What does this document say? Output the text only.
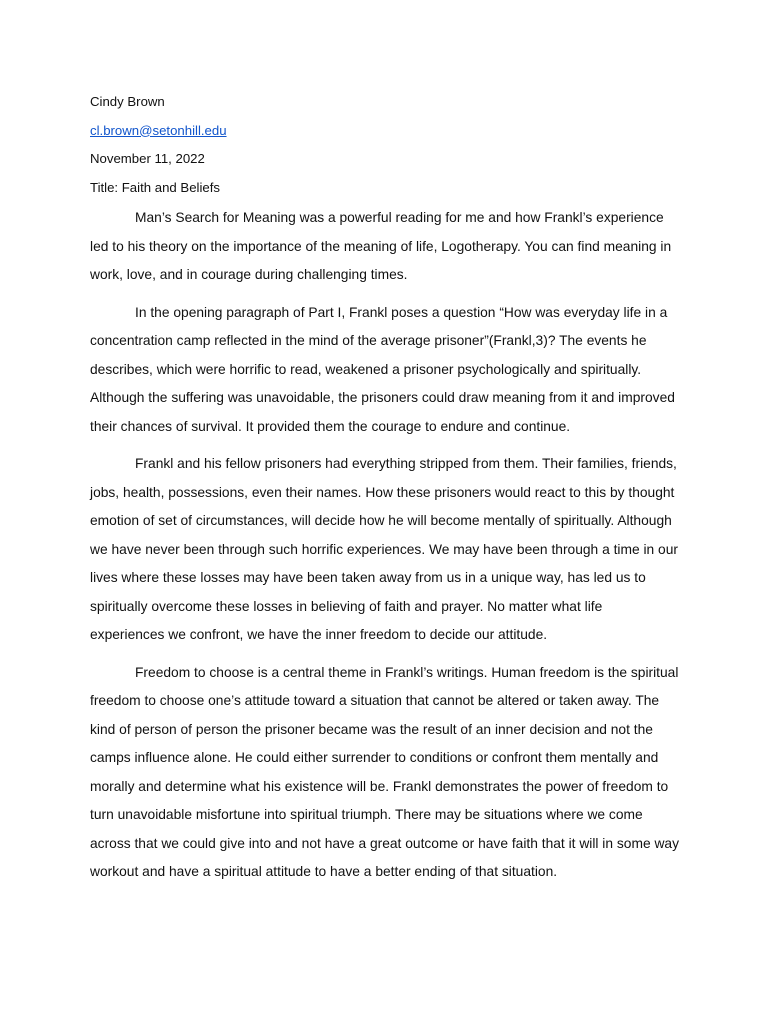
Cindy Brown

cl.brown@setonhill.edu

November 11, 2022

Title: Faith and Beliefs

Man’s Search for Meaning was a powerful reading for me and how Frankl’s experience led to his theory on the importance of the meaning of life, Logotherapy. You can find meaning in work, love, and in courage during challenging times.

In the opening paragraph of Part I, Frankl poses a question “How was everyday life in a concentration camp reflected in the mind of the average prisoner”(Frankl,3)? The events he describes, which were horrific to read, weakened a prisoner psychologically and spiritually. Although the suffering was unavoidable, the prisoners could draw meaning from it and improved their chances of survival. It provided them the courage to endure and continue.

Frankl and his fellow prisoners had everything stripped from them. Their families, friends, jobs, health, possessions, even their names. How these prisoners would react to this by thought emotion of set of circumstances, will decide how he will become mentally of spiritually. Although we have never been through such horrific experiences. We may have been through a time in our lives where these losses may have been taken away from us in a unique way, has led us to spiritually overcome these losses in believing of faith and prayer. No matter what life experiences we confront, we have the inner freedom to decide our attitude.

Freedom to choose is a central theme in Frankl’s writings. Human freedom is the spiritual freedom to choose one’s attitude toward a situation that cannot be altered or taken away. The kind of person of person the prisoner became was the result of an inner decision and not the camps influence alone. He could either surrender to conditions or confront them mentally and morally and determine what his existence will be. Frankl demonstrates the power of freedom to turn unavoidable misfortune into spiritual triumph. There may be situations where we come across that we could give into and not have a great outcome or have faith that it will in some way workout and have a spiritual attitude to have a better ending of that situation.
